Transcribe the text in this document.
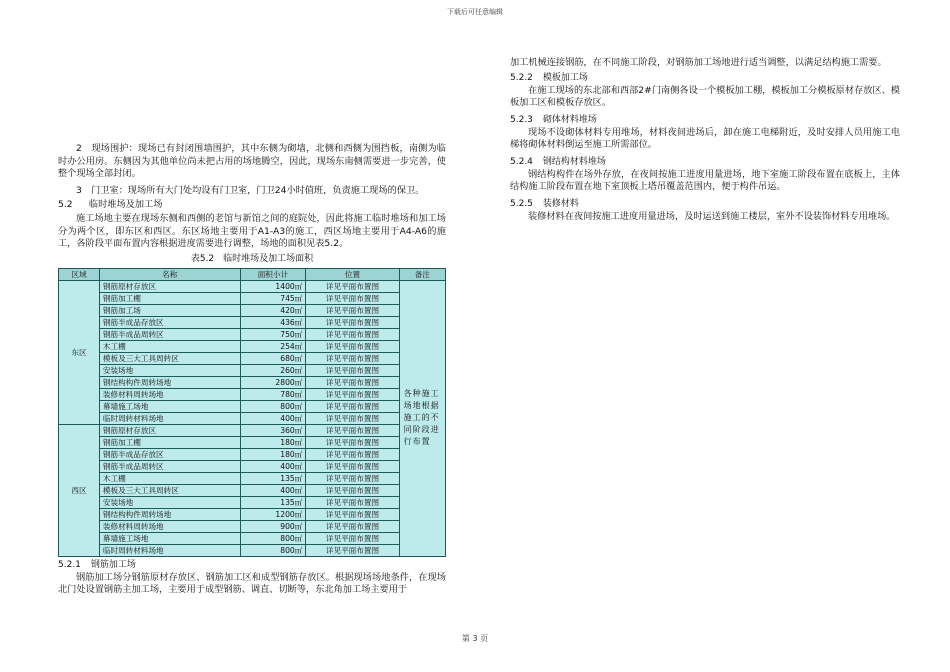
下载后可任意编辑

2　现场围护：现场已有封闭围墙围护，其中东侧为砌墙，北侧和西侧为围挡板，南侧为临时办公用房。东侧因为其他单位尚未把占用的场地腾空，因此，现场东南侧需要进一步完善，使整个现场全部封闭。

3　门卫室：现场所有大门处均设有门卫室，门卫24小时值班，负责施工现场的保卫。

5.2 临时堆场及加工场

施工场地主要在现场东侧和西侧的老馆与新馆之间的庭院处，因此将施工临时堆场和加工场分为两个区，即东区和西区。东区场地主要用于A1-A3的施工，西区场地主要用于A4-A6的施工，各阶段平面布置内容根据进度需要进行调整，场地的面积见表5.2。

表5.2　临时堆场及加工场面积
区域	名称	面积小计	位置	备注
东区	钢筋原材存放区	1400㎡	详见平面布置图	各种施工场地根据施工的不同阶段进行布置
	钢筋加工棚	745㎡	详见平面布置图	
	钢筋加工场	420㎡	详见平面布置图	
	钢筋半成品存放区	436㎡	详见平面布置图	
	钢筋半成品周转区	750㎡	详见平面布置图	
	木工棚	254㎡	详见平面布置图	
	模板及三大工具周转区	680㎡	详见平面布置图	
	安装场地	260㎡	详见平面布置图	
	钢结构构件周转场地	2800㎡	详见平面布置图	
	装修材料周转场地	780㎡	详见平面布置图	
	幕墙施工场地	800㎡	详见平面布置图	
	临时周转材料场地	400㎡	详见平面布置图	
西区	钢筋原材存放区	360㎡	详见平面布置图	
	钢筋加工棚	180㎡	详见平面布置图	
	钢筋半成品存放区	180㎡	详见平面布置图	
	钢筋半成品周转区	400㎡	详见平面布置图	
	木工棚	135㎡	详见平面布置图	
	模板及三大工具周转区	400㎡	详见平面布置图	
	安装场地	135㎡	详见平面布置图	
	钢结构构件周转场地	1200㎡	详见平面布置图	
	装修材料周转场地	900㎡	详见平面布置图	
	幕墙施工场地	800㎡	详见平面布置图	
	临时周转材料场地	800㎡	详见平面布置图	
5.2.1 钢筋加工场

钢筋加工场分钢筋原材存放区、钢筋加工区和成型钢筋存放区。根据现场场地条件，在现场北门处设置钢筋主加工场，主要用于成型钢筋、调直、切断等，东北角加工场主要用于

加工机械连接钢筋，在不同施工阶段，对钢筋加工场地进行适当调整，以满足结构施工需要。

5.2.2 模板加工场

在施工现场的东北部和西部2#门南侧各设一个模板加工棚，模板加工分模板原材存放区、模板加工区和模板存放区。

5.2.3 砌体材料堆场

现场不设砌体材料专用堆场，材料夜间进场后，卸在施工电梯附近，及时安排人员用施工电梯将砌体材料倒运至施工所需部位。

5.2.4 钢结构材料堆场

钢结构构件在场外存放，在夜间按施工进度用量进场，地下室施工阶段布置在底板上，主体结构施工阶段布置在地下室顶板上塔吊覆盖范围内，便于构件吊运。

5.2.5 装修材料

装修材料在夜间按施工进度用量进场，及时运送到施工楼层，室外不设装饰材料专用堆场。

第 3 页
